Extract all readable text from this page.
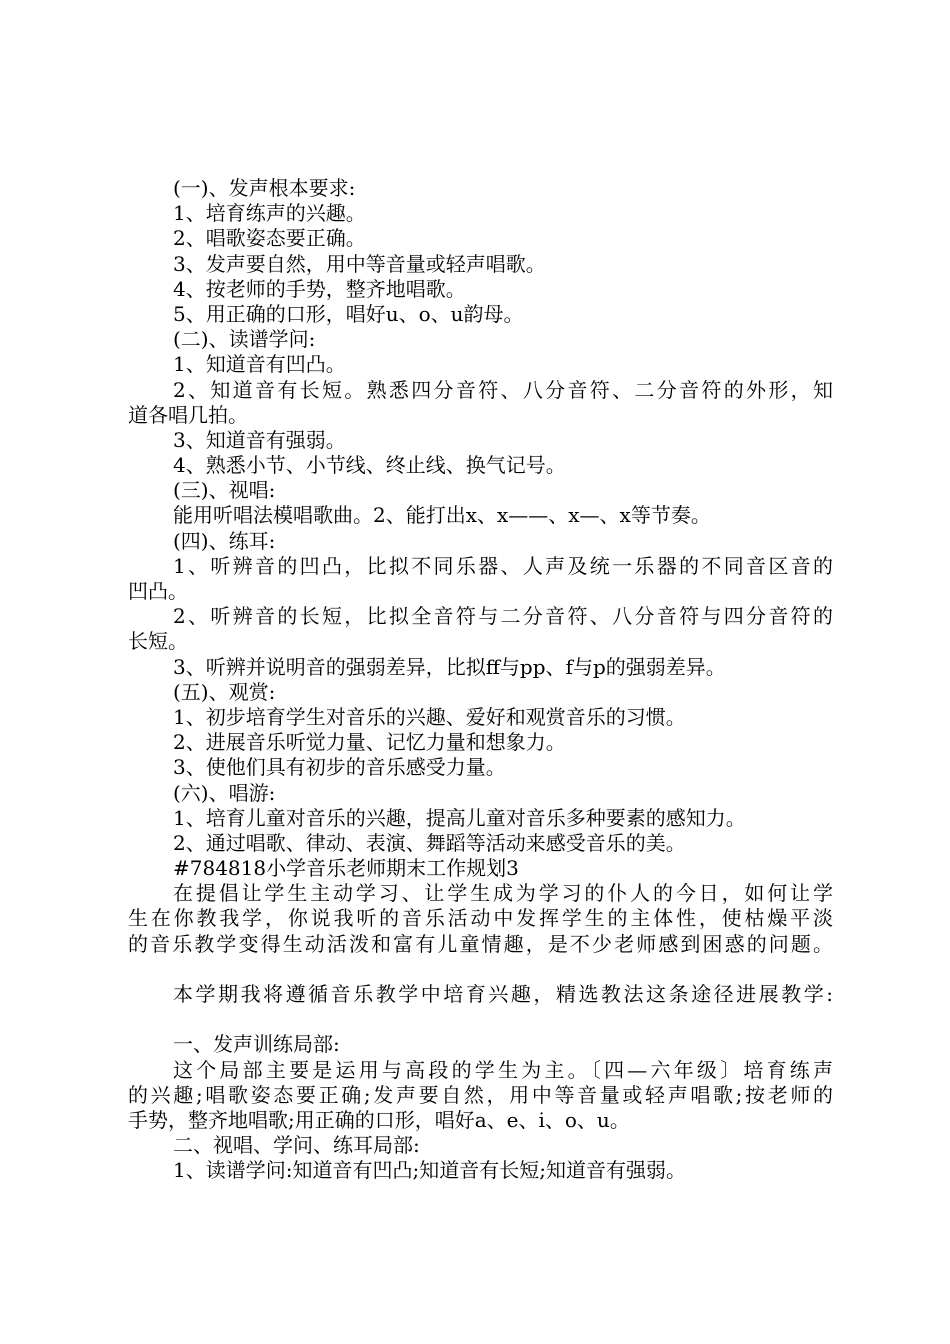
(一)、发声根本要求:
1、培育练声的兴趣。
2、唱歌姿态要正确。
3、发声要自然，用中等音量或轻声唱歌。
4、按老师的手势，整齐地唱歌。
5、用正确的口形，唱好u、o、u韵母。
(二)、读谱学问:
1、知道音有凹凸。
2、知道音有长短。熟悉四分音符、八分音符、二分音符的外形，知
道各唱几拍。
3、知道音有强弱。
4、熟悉小节、小节线、终止线、换气记号。
(三)、视唱:
能用听唱法模唱歌曲。2、能打出x、x——、x—、x等节奏。
(四)、练耳:
1、听辨音的凹凸，比拟不同乐器、人声及统一乐器的不同音区音的
凹凸。
2、听辨音的长短，比拟全音符与二分音符、八分音符与四分音符的
长短。
3、听辨并说明音的强弱差异，比拟ff与pp、f与p的强弱差异。
(五)、观赏:
1、初步培育学生对音乐的兴趣、爱好和观赏音乐的习惯。
2、进展音乐听觉力量、记忆力量和想象力。
3、使他们具有初步的音乐感受力量。
(六)、唱游:
1、培育儿童对音乐的兴趣，提高儿童对音乐多种要素的感知力。
2、通过唱歌、律动、表演、舞蹈等活动来感受音乐的美。
#784818小学音乐老师期末工作规划3
在提倡让学生主动学习、让学生成为学习的仆人的今日，如何让学
生在你教我学，你说我听的音乐活动中发挥学生的主体性，使枯燥平淡
的音乐教学变得生动活泼和富有儿童情趣，是不少老师感到困惑的问题。
本学期我将遵循音乐教学中培育兴趣，精选教法这条途径进展教学:
一、发声训练局部:
这个局部主要是运用与高段的学生为主。〔四—六年级〕培育练声
的兴趣;唱歌姿态要正确;发声要自然，用中等音量或轻声唱歌;按老师的
手势，整齐地唱歌;用正确的口形，唱好a、e、i、o、u。
二、视唱、学问、练耳局部:
1、读谱学问:知道音有凹凸;知道音有长短;知道音有强弱。
